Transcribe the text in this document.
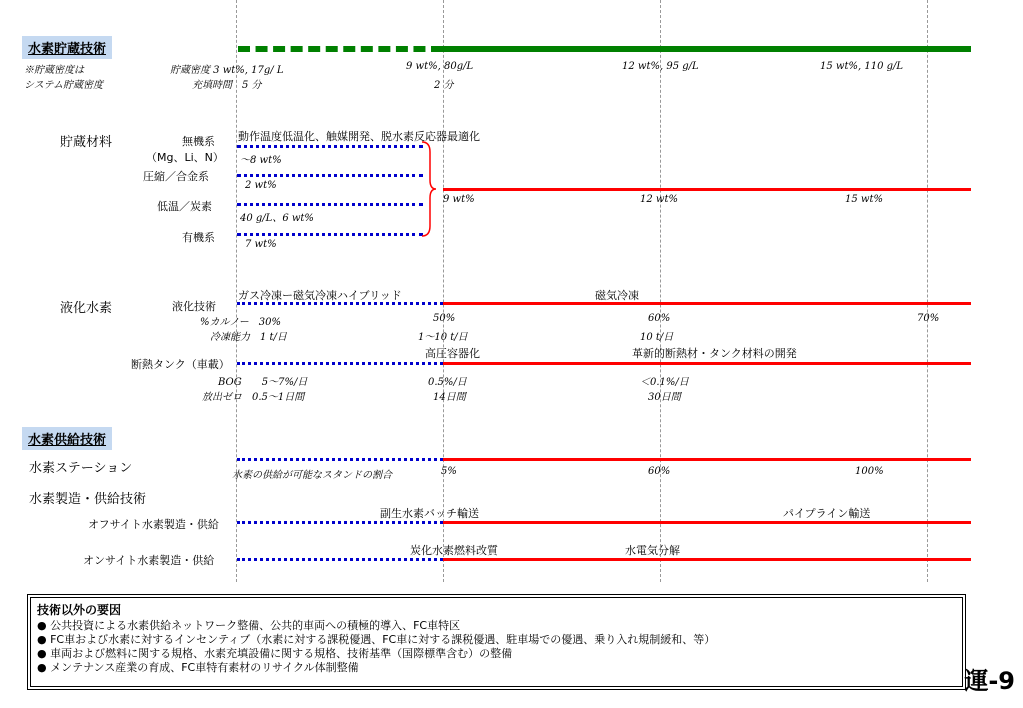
水素貯蔵技術
※貯蔵密度は
システム貯蔵密度
貯蔵密度 3 wt%, 17g/ L
充填時間　5 分
9 wt%, 80g/L
2 分
12 wt%, 95 g/L	15 wt%, 110 g/L
貯蔵材料	動作温度低温化、触媒開発、脱水素反応器最適化
無機系
（Mg、Li、N） 〜8 wt%
圧縮／合金系
2 wt%
低温／炭素
40 g/L、6 wt%
有機系
7 wt%
9 wt%	12 wt%	15 wt%
液化水素	液化技術
ガス冷凍ー磁気冷凍ハイブリッド	磁気冷凍
%カルノー　30%
冷凍能力　1 t/日
50%
1〜10 t/日
60%
10 t/日
70%
断熱タンク（車載）
高圧容器化	革新的断熱材・タンク材料の開発
BOG　　5〜7%/日
放出ゼロ　0.5〜1日間
0.5%/日
14日間
＜0.1%/日
30日間
水素供給技術
水素ステーション	水素の供給が可能なスタンドの割合	5%	60%	100%
水素製造・供給技術
オフサイト水素製造・供給
副生水素バッチ輸送	パイプライン輸送
オンサイト水素製造・供給
炭化水素燃料改質	水電気分解
技術以外の要因
● 公共投資による水素供給ネットワーク整備、公共的車両への積極的導入、FC車特区
● FC車および水素に対するインセンティブ（水素に対する課税優遇、FC車に対する課税優遇、駐車場での優遇、乗り入れ規制緩和、等）
● 車両および燃料に関する規格、水素充填設備に関する規格、技術基準（国際標準含む）の整備
● メンテナンス産業の育成、FC車特有素材のリサイクル体制整備	運-9
